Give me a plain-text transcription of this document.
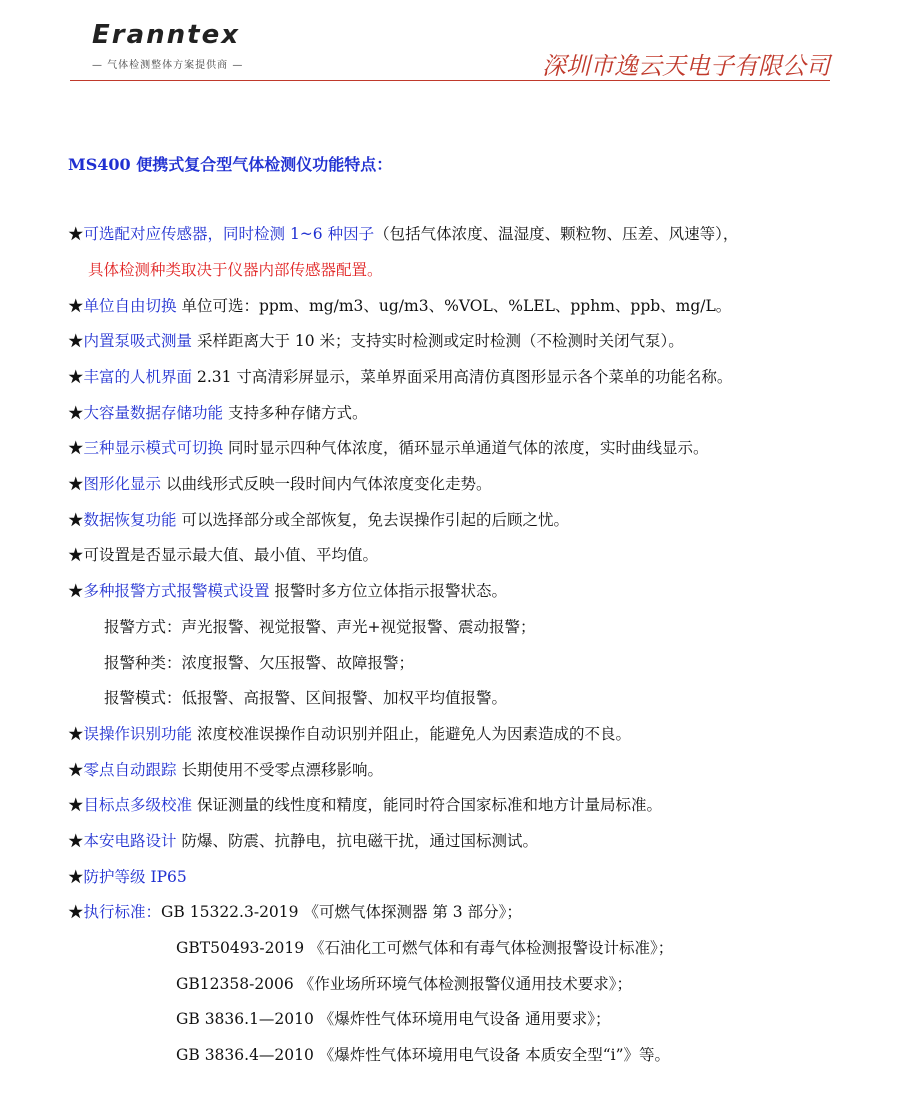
Eranntex
— 气体检测整体方案提供商 —	深圳市逸云天电子有限公司
MS400 便携式复合型气体检测仪功能特点：
★可选配对应传感器，同时检测 1~6 种因子（包括气体浓度、温湿度、颗粒物、压差、风速等），
具体检测种类取决于仪器内部传感器配置。
★单位自由切换 单位可选：ppm、mg/m3、ug/m3、%VOL、%LEL、pphm、ppb、mg/L。
★内置泵吸式测量 采样距离大于 10 米；支持实时检测或定时检测（不检测时关闭气泵）。
★丰富的人机界面 2.31 寸高清彩屏显示，菜单界面采用高清仿真图形显示各个菜单的功能名称。
★大容量数据存储功能 支持多种存储方式。
★三种显示模式可切换 同时显示四种气体浓度，循环显示单通道气体的浓度，实时曲线显示。
★图形化显示 以曲线形式反映一段时间内气体浓度变化走势。
★数据恢复功能 可以选择部分或全部恢复，免去误操作引起的后顾之忧。
★可设置是否显示最大值、最小值、平均值。
★多种报警方式报警模式设置 报警时多方位立体指示报警状态。
报警方式：声光报警、视觉报警、声光+视觉报警、震动报警；
报警种类：浓度报警、欠压报警、故障报警；
报警模式：低报警、高报警、区间报警、加权平均值报警。
★误操作识别功能 浓度校准误操作自动识别并阻止，能避免人为因素造成的不良。
★零点自动跟踪 长期使用不受零点漂移影响。
★目标点多级校准 保证测量的线性度和精度，能同时符合国家标准和地方计量局标准。
★本安电路设计 防爆、防震、抗静电，抗电磁干扰，通过国标测试。
★防护等级 IP65
★执行标准：GB 15322.3-2019 《可燃气体探测器 第 3 部分》；
GBT50493-2019 《石油化工可燃气体和有毒气体检测报警设计标准》；
GB12358-2006 《作业场所环境气体检测报警仪通用技术要求》；
GB 3836.1—2010 《爆炸性气体环境用电气设备 通用要求》；
GB 3836.4—2010 《爆炸性气体环境用电气设备 本质安全型“i”》等。
